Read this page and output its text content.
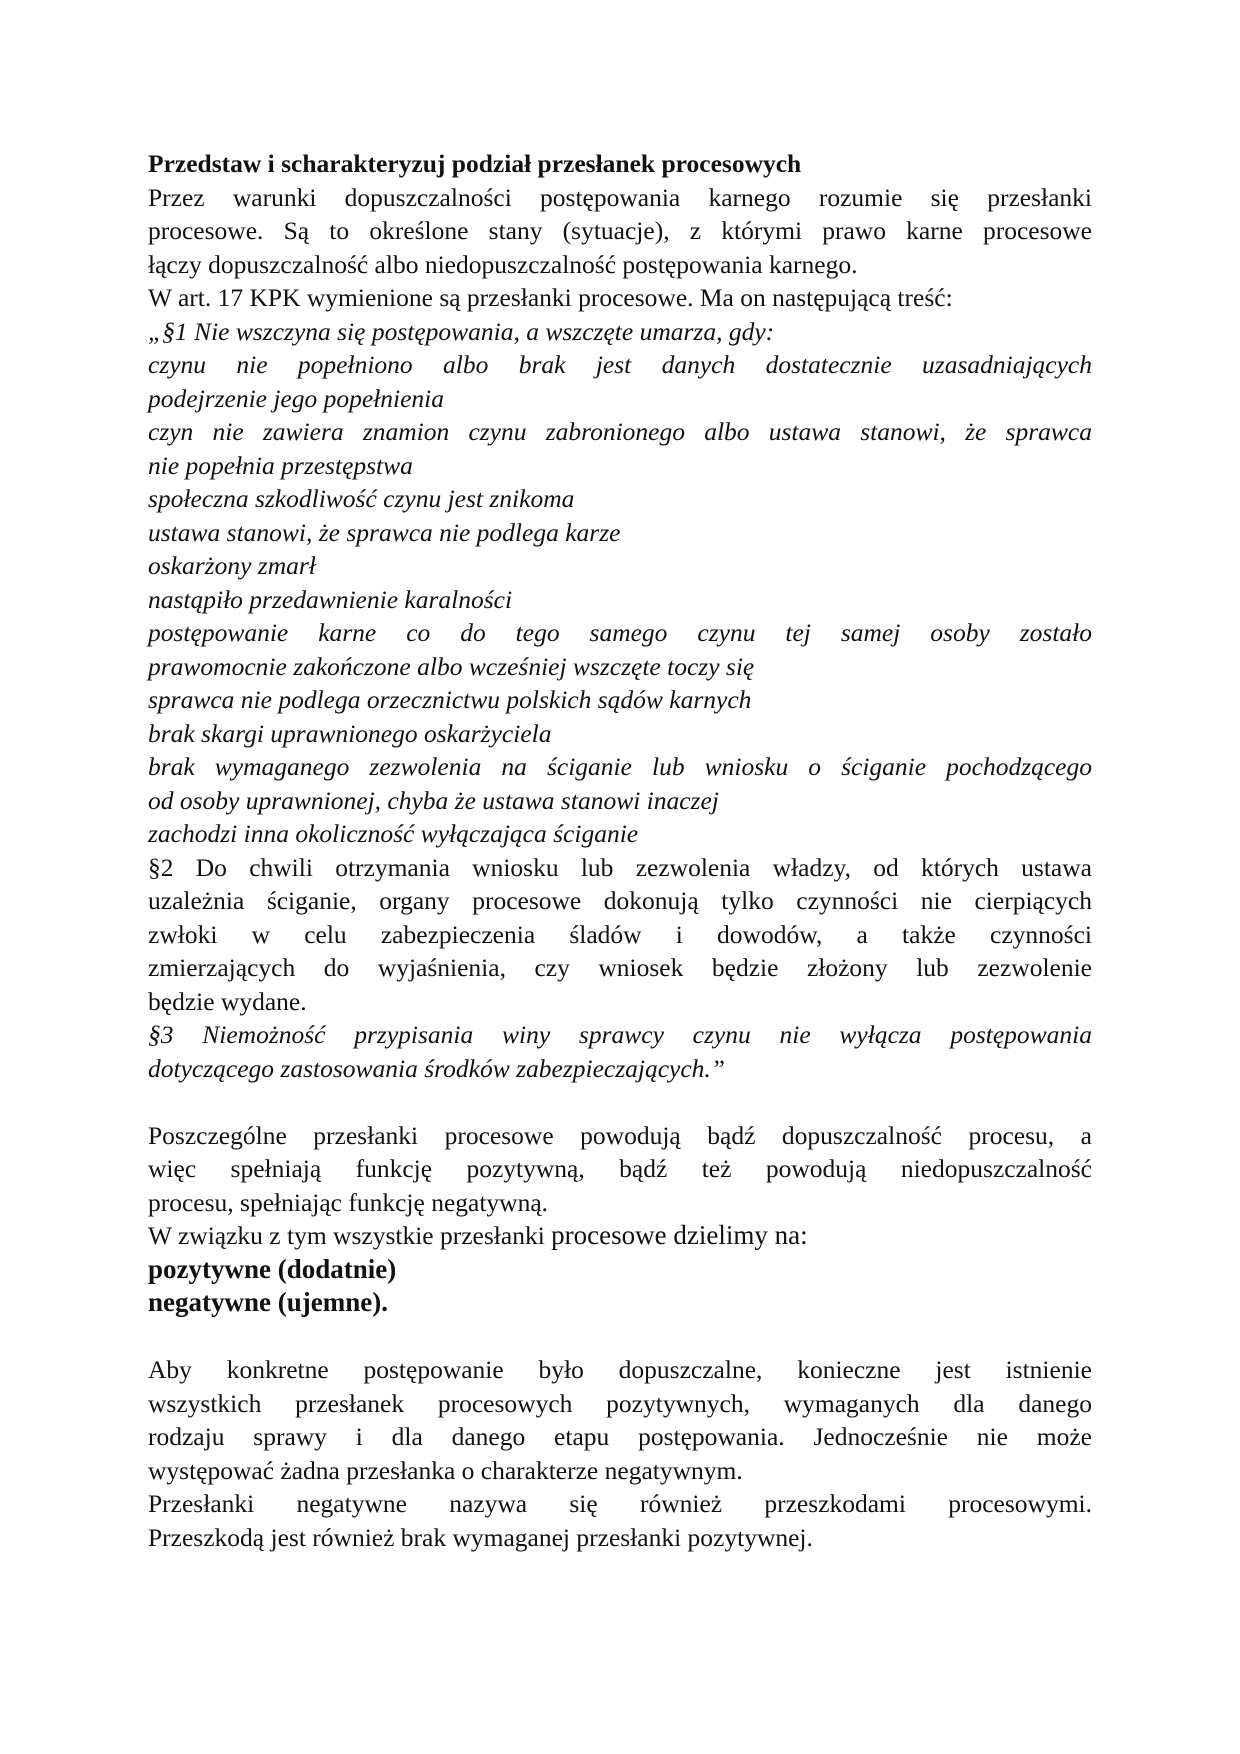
Przedstaw i scharakteryzuj podział przesłanek procesowych

Przez warunki dopuszczalności postępowania karnego rozumie się przesłanki

procesowe. Są to określone stany (sytuacje), z którymi prawo karne procesowe

łączy dopuszczalność albo niedopuszczalność postępowania karnego.

W art. 17 KPK wymienione są przesłanki procesowe. Ma on następującą treść:

„§1 Nie wszczyna się postępowania, a wszczęte umarza, gdy:

czynu nie popełniono albo brak jest danych dostatecznie uzasadniających

podejrzenie jego popełnienia

czyn nie zawiera znamion czynu zabronionego albo ustawa stanowi, że sprawca

nie popełnia przestępstwa

społeczna szkodliwość czynu jest znikoma

ustawa stanowi, że sprawca nie podlega karze

oskarżony zmarł

nastąpiło przedawnienie karalności

postępowanie karne co do tego samego czynu tej samej osoby zostało

prawomocnie zakończone albo wcześniej wszczęte toczy się

sprawca nie podlega orzecznictwu polskich sądów karnych

brak skargi uprawnionego oskarżyciela

brak wymaganego zezwolenia na ściganie lub wniosku o ściganie pochodzącego

od osoby uprawnionej, chyba że ustawa stanowi inaczej

zachodzi inna okoliczność wyłączająca ściganie

§2 Do chwili otrzymania wniosku lub zezwolenia władzy, od których ustawa

uzależnia ściganie, organy procesowe dokonują tylko czynności nie cierpiących

zwłoki w celu zabezpieczenia śladów i dowodów, a także czynności

zmierzających do wyjaśnienia, czy wniosek będzie złożony lub zezwolenie

będzie wydane.

§3 Niemożność przypisania winy sprawcy czynu nie wyłącza postępowania

dotyczącego zastosowania środków zabezpieczających.”

Poszczególne przesłanki procesowe powodują bądź dopuszczalność procesu, a

więc spełniają funkcję pozytywną, bądź też powodują niedopuszczalność

procesu, spełniając funkcję negatywną.

W związku z tym wszystkie przesłanki procesowe dzielimy na:

pozytywne (dodatnie)

negatywne (ujemne).

Aby konkretne postępowanie było dopuszczalne, konieczne jest istnienie

wszystkich przesłanek procesowych pozytywnych, wymaganych dla danego

rodzaju sprawy i dla danego etapu postępowania. Jednocześnie nie może

występować żadna przesłanka o charakterze negatywnym.

Przesłanki negatywne nazywa się również przeszkodami procesowymi.

Przeszkodą jest również brak wymaganej przesłanki pozytywnej.
